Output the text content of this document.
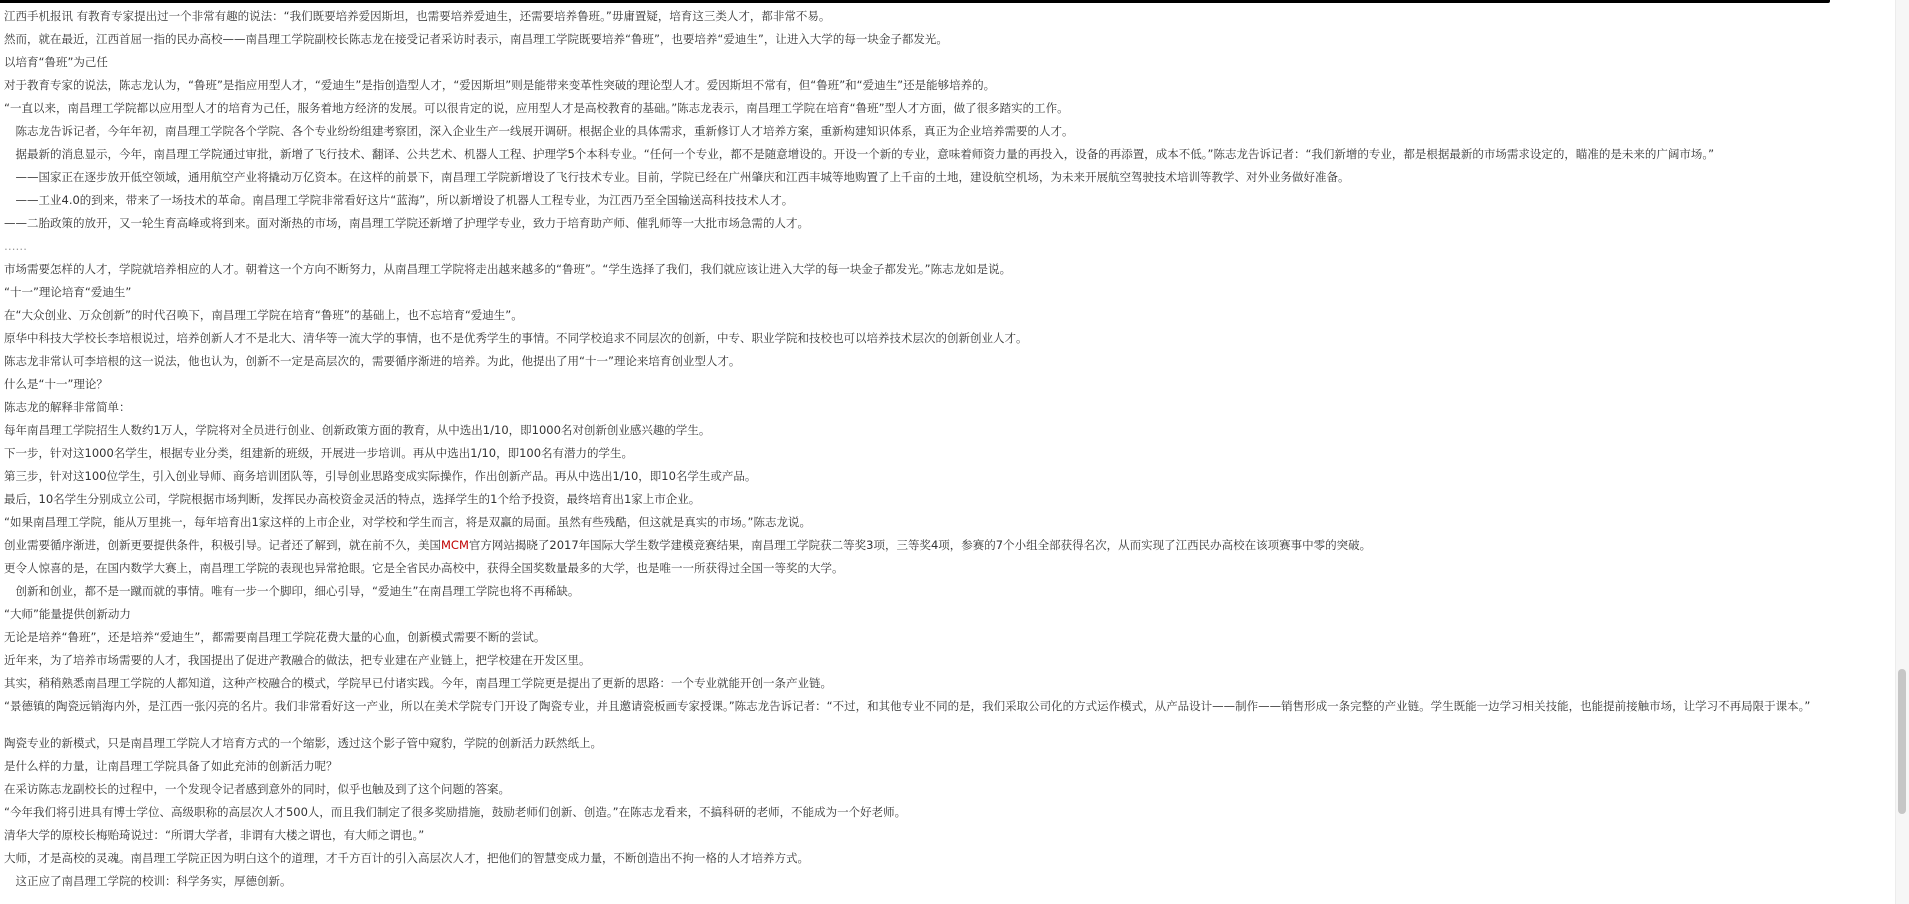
江西手机报讯 有教育专家提出过一个非常有趣的说法：“我们既要培养爱因斯坦，也需要培养爱迪生，还需要培养鲁班。”毋庸置疑，培育这三类人才，都非常不易。

然而，就在最近，江西首屈一指的民办高校——南昌理工学院副校长陈志龙在接受记者采访时表示，南昌理工学院既要培养“鲁班”，也要培养“爱迪生”，让进入大学的每一块金子都发光。

以培育“鲁班”为己任

对于教育专家的说法，陈志龙认为，“鲁班”是指应用型人才，“爱迪生”是指创造型人才，“爱因斯坦”则是能带来变革性突破的理论型人才。爱因斯坦不常有，但“鲁班”和“爱迪生”还是能够培养的。

“一直以来，南昌理工学院都以应用型人才的培育为己任，服务着地方经济的发展。可以很肯定的说，应用型人才是高校教育的基础。”陈志龙表示，南昌理工学院在培育“鲁班”型人才方面，做了很多踏实的工作。

　陈志龙告诉记者，今年年初，南昌理工学院各个学院、各个专业纷纷组建考察团，深入企业生产一线展开调研。根据企业的具体需求，重新修订人才培养方案，重新构建知识体系，真正为企业培养需要的人才。

　据最新的消息显示，今年，南昌理工学院通过审批，新增了飞行技术、翻译、公共艺术、机器人工程、护理学5个本科专业。“任何一个专业，都不是随意增设的。开设一个新的专业，意味着师资力量的再投入，设备的再添置，成本不低。”陈志龙告诉记者：“我们新增的专业，都是根据最新的市场需求设定的，瞄准的是未来的广阔市场。”

　——国家正在逐步放开低空领域，通用航空产业将撬动万亿资本。在这样的前景下，南昌理工学院新增设了飞行技术专业。目前，学院已经在广州肇庆和江西丰城等地购置了上千亩的土地，建设航空机场，为未来开展航空驾驶技术培训等教学、对外业务做好准备。

　——工业4.0的到来，带来了一场技术的革命。南昌理工学院非常看好这片“蓝海”，所以新增设了机器人工程专业，为江西乃至全国输送高科技技术人才。

——二胎政策的放开，又一轮生育高峰或将到来。面对渐热的市场，南昌理工学院还新增了护理学专业，致力于培育助产师、催乳师等一大批市场急需的人才。

……

市场需要怎样的人才，学院就培养相应的人才。朝着这一个方向不断努力，从南昌理工学院将走出越来越多的“鲁班”。“学生选择了我们，我们就应该让进入大学的每一块金子都发光。”陈志龙如是说。

“十一”理论培育“爱迪生”

在“大众创业、万众创新”的时代召唤下，南昌理工学院在培育“鲁班”的基础上，也不忘培育“爱迪生”。

原华中科技大学校长李培根说过，培养创新人才不是北大、清华等一流大学的事情，也不是优秀学生的事情。不同学校追求不同层次的创新，中专、职业学院和技校也可以培养技术层次的创新创业人才。

陈志龙非常认可李培根的这一说法，他也认为，创新不一定是高层次的，需要循序渐进的培养。为此，他提出了用“十一”理论来培育创业型人才。

什么是“十一”理论？

陈志龙的解释非常简单：

每年南昌理工学院招生人数约1万人，学院将对全员进行创业、创新政策方面的教育，从中选出1/10，即1000名对创新创业感兴趣的学生。

下一步，针对这1000名学生，根据专业分类，组建新的班级，开展进一步培训。再从中选出1/10，即100名有潜力的学生。

第三步，针对这100位学生，引入创业导师、商务培训团队等，引导创业思路变成实际操作，作出创新产品。再从中选出1/10，即10名学生或产品。

最后，10名学生分别成立公司，学院根据市场判断，发挥民办高校资金灵活的特点，选择学生的1个给予投资，最终培育出1家上市企业。

“如果南昌理工学院，能从万里挑一，每年培育出1家这样的上市企业，对学校和学生而言，将是双赢的局面。虽然有些残酷，但这就是真实的市场。”陈志龙说。

创业需要循序渐进，创新更要提供条件，积极引导。记者还了解到，就在前不久，美国MCM官方网站揭晓了2017年国际大学生数学建模竞赛结果，南昌理工学院获二等奖3项，三等奖4项，参赛的7个小组全部获得名次，从而实现了江西民办高校在该项赛事中零的突破。

更令人惊喜的是，在国内数学大赛上，南昌理工学院的表现也异常抢眼。它是全省民办高校中，获得全国奖数量最多的大学，也是唯一一所获得过全国一等奖的大学。

　创新和创业，都不是一蹴而就的事情。唯有一步一个脚印，细心引导，“爱迪生”在南昌理工学院也将不再稀缺。

“大师”能量提供创新动力

无论是培养“鲁班”，还是培养“爱迪生”，都需要南昌理工学院花费大量的心血，创新模式需要不断的尝试。

近年来，为了培养市场需要的人才，我国提出了促进产教融合的做法，把专业建在产业链上，把学校建在开发区里。

其实，稍稍熟悉南昌理工学院的人都知道，这种产校融合的模式，学院早已付诸实践。今年，南昌理工学院更是提出了更新的思路：一个专业就能开创一条产业链。

“景德镇的陶瓷远销海内外，是江西一张闪亮的名片。我们非常看好这一产业，所以在美术学院专门开设了陶瓷专业，并且邀请瓷板画专家授课。”陈志龙告诉记者：“不过，和其他专业不同的是，我们采取公司化的方式运作模式，从产品设计——制作——销售形成一条完整的产业链。学生既能一边学习相关技能，也能提前接触市场，让学习不再局限于课本。”

陶瓷专业的新模式，只是南昌理工学院人才培育方式的一个缩影，透过这个影子管中窥豹，学院的创新活力跃然纸上。

是什么样的力量，让南昌理工学院具备了如此充沛的创新活力呢？

在采访陈志龙副校长的过程中，一个发现令记者感到意外的同时，似乎也触及到了这个问题的答案。

“今年我们将引进具有博士学位、高级职称的高层次人才500人，而且我们制定了很多奖励措施，鼓励老师们创新、创造。”在陈志龙看来，不搞科研的老师，不能成为一个好老师。

清华大学的原校长梅贻琦说过：“所谓大学者，非谓有大楼之谓也，有大师之谓也。”

大师，才是高校的灵魂。南昌理工学院正因为明白这个的道理，才千方百计的引入高层次人才，把他们的智慧变成力量，不断创造出不拘一格的人才培养方式。

　这正应了南昌理工学院的校训：科学务实，厚德创新。
